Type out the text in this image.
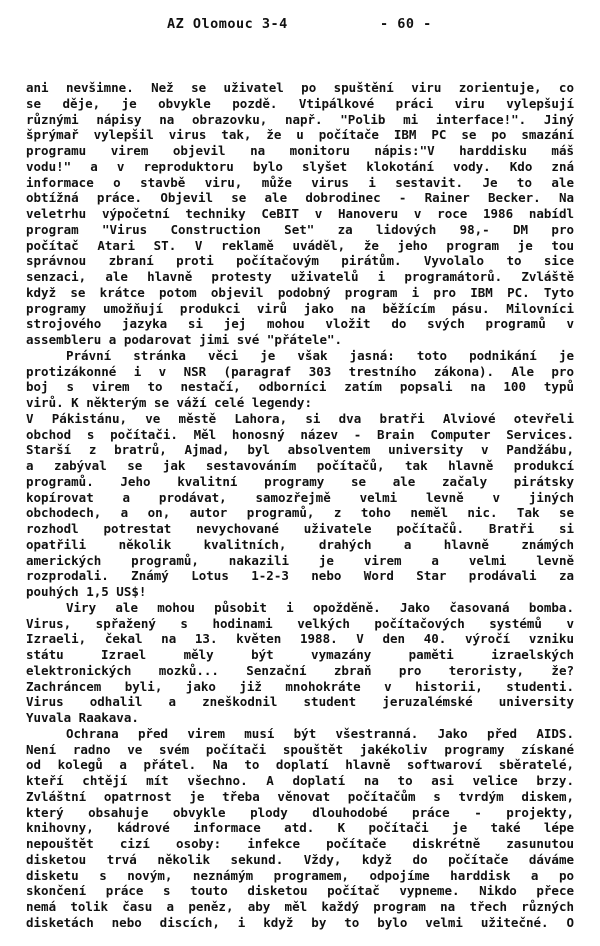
AZ Olomouc 3-4	- 60 -
ani nevšimne. Než se uživatel po spuštění viru zorientuje, co
se děje, je obvykle pozdě. Vtipálkové práci viru vylepšují
různými nápisy na obrazovku, např. "Polib mi interface!". Jiný
šprýmař vylepšil virus tak, že u počítače IBM PC se po smazání
programu virem objevil na monitoru nápis:"V harddisku máš
vodu!" a v reproduktoru bylo slyšet klokotání vody. Kdo zná
informace o stavbě viru, může virus i sestavit. Je to ale
obtížná práce. Objevil se ale dobrodinec - Rainer Becker. Na
veletrhu výpočetní techniky CeBIT v Hanoveru v roce 1986 nabídl
program "Virus Construction Set" za lidových 98,- DM pro
počítač Atari ST. V reklamě uváděl, že jeho program je tou
správnou zbraní proti počítačovým pirátům. Vyvolalo to sice
senzaci, ale hlavně protesty uživatelů i programátorů. Zvláště
když se krátce potom objevil podobný program i pro IBM PC. Tyto
programy umožňují produkci virů jako na běžícím pásu. Milovníci
strojového jazyka si jej mohou vložit do svých programů v
assembleru a podarovat jimi své "přátele".
Právní stránka věci je však jasná: toto podnikání je
protizákonné i v NSR (paragraf 303 trestního zákona). Ale pro
boj s virem to nestačí, odborníci zatím popsali na 100 typů
virů. K některým se váží celé legendy:
V Pákistánu, ve městě Lahora, si dva bratři Alviové otevřeli
obchod s počítači. Měl honosný název - Brain Computer Services.
Starší z bratrů, Ajmad, byl absolventem university v Pandžábu,
a zabýval se jak sestavováním počítačů, tak hlavně produkcí
programů. Jeho kvalitní programy se ale začaly pirátsky
kopírovat a prodávat, samozřejmě velmi levně v jiných
obchodech, a on, autor programů, z toho neměl nic. Tak se
rozhodl potrestat nevychované uživatele počítačů. Bratři si
opatřili několik kvalitních, drahých a hlavně známých
amerických programů, nakazili je virem a velmi levně
rozprodali. Známý Lotus 1-2-3 nebo Word Star prodávali za
pouhých 1,5 US$!
Viry ale mohou působit i opožděně. Jako časovaná bomba.
Virus, spřažený s hodinami velkých počítačových systémů v
Izraeli, čekal na 13. květen 1988. V den 40. výročí vzniku
státu Izrael měly být vymazány paměti izraelských
elektronických mozků... Senzační zbraň pro teroristy, že?
Zachráncem byli, jako již mnohokráte v historii, studenti.
Virus odhalil a zneškodnil student jeruzalémské university
Yuvala Raakava.
Ochrana před virem musí být všestranná. Jako před AIDS.
Není radno ve svém počítači spouštět jakékoliv programy získané
od kolegů a přátel. Na to doplatí hlavně softwaroví sběratelé,
kteří chtějí mít všechno. A doplatí na to asi velice brzy.
Zvláštní opatrnost je třeba věnovat počítačům s tvrdým diskem,
který obsahuje obvykle plody dlouhodobé práce - projekty,
knihovny, kádrové informace atd. K počítači je také lépe
nepouštět cizí osoby: infekce počítače diskrétně zasunutou
disketou trvá několik sekund. Vždy, když do počítače dáváme
disketu s novým, neznámým programem, odpojíme harddisk a po
skončení práce s touto disketou počítač vypneme. Nikdo přece
nemá tolik času a peněz, aby měl každý program na třech různých
disketách nebo discích, i když by to bylo velmi užitečné. O
